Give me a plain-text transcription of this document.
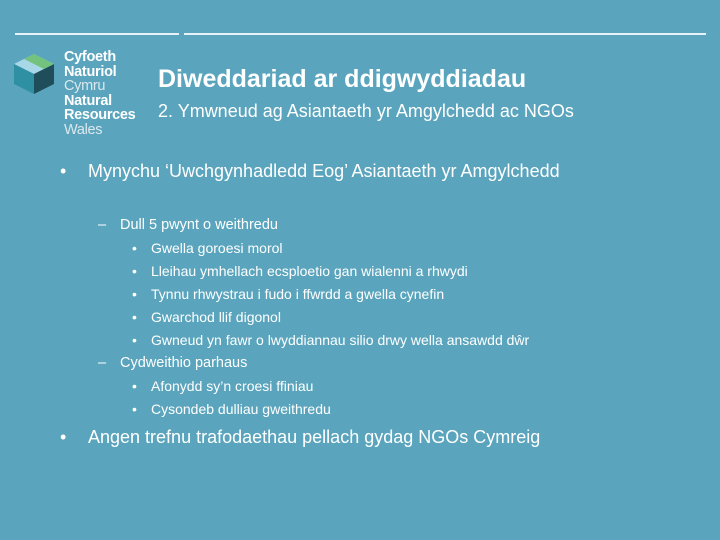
Cyfoeth
Naturiol
Cymru
Natural
Resources
Wales
Diweddariad ar ddigwyddiadau
2. Ymwneud ag Asiantaeth yr Amgylchedd ac NGOs
• Mynychu ‘Uwchgynhadledd Eog’ Asiantaeth yr Amgylchedd
– Dull 5 pwynt o weithredu
• Gwella goroesi morol
• Lleihau ymhellach ecsploetio gan wialenni a rhwydi
• Tynnu rhwystrau i fudo i ffwrdd a gwella cynefin
• Gwarchod llif digonol
• Gwneud yn fawr o lwyddiannau silio drwy wella ansawdd dŵr
– Cydweithio parhaus
• Afonydd sy’n croesi ffiniau
• Cysondeb dulliau gweithredu
• Angen trefnu trafodaethau pellach gydag NGOs Cymreig
